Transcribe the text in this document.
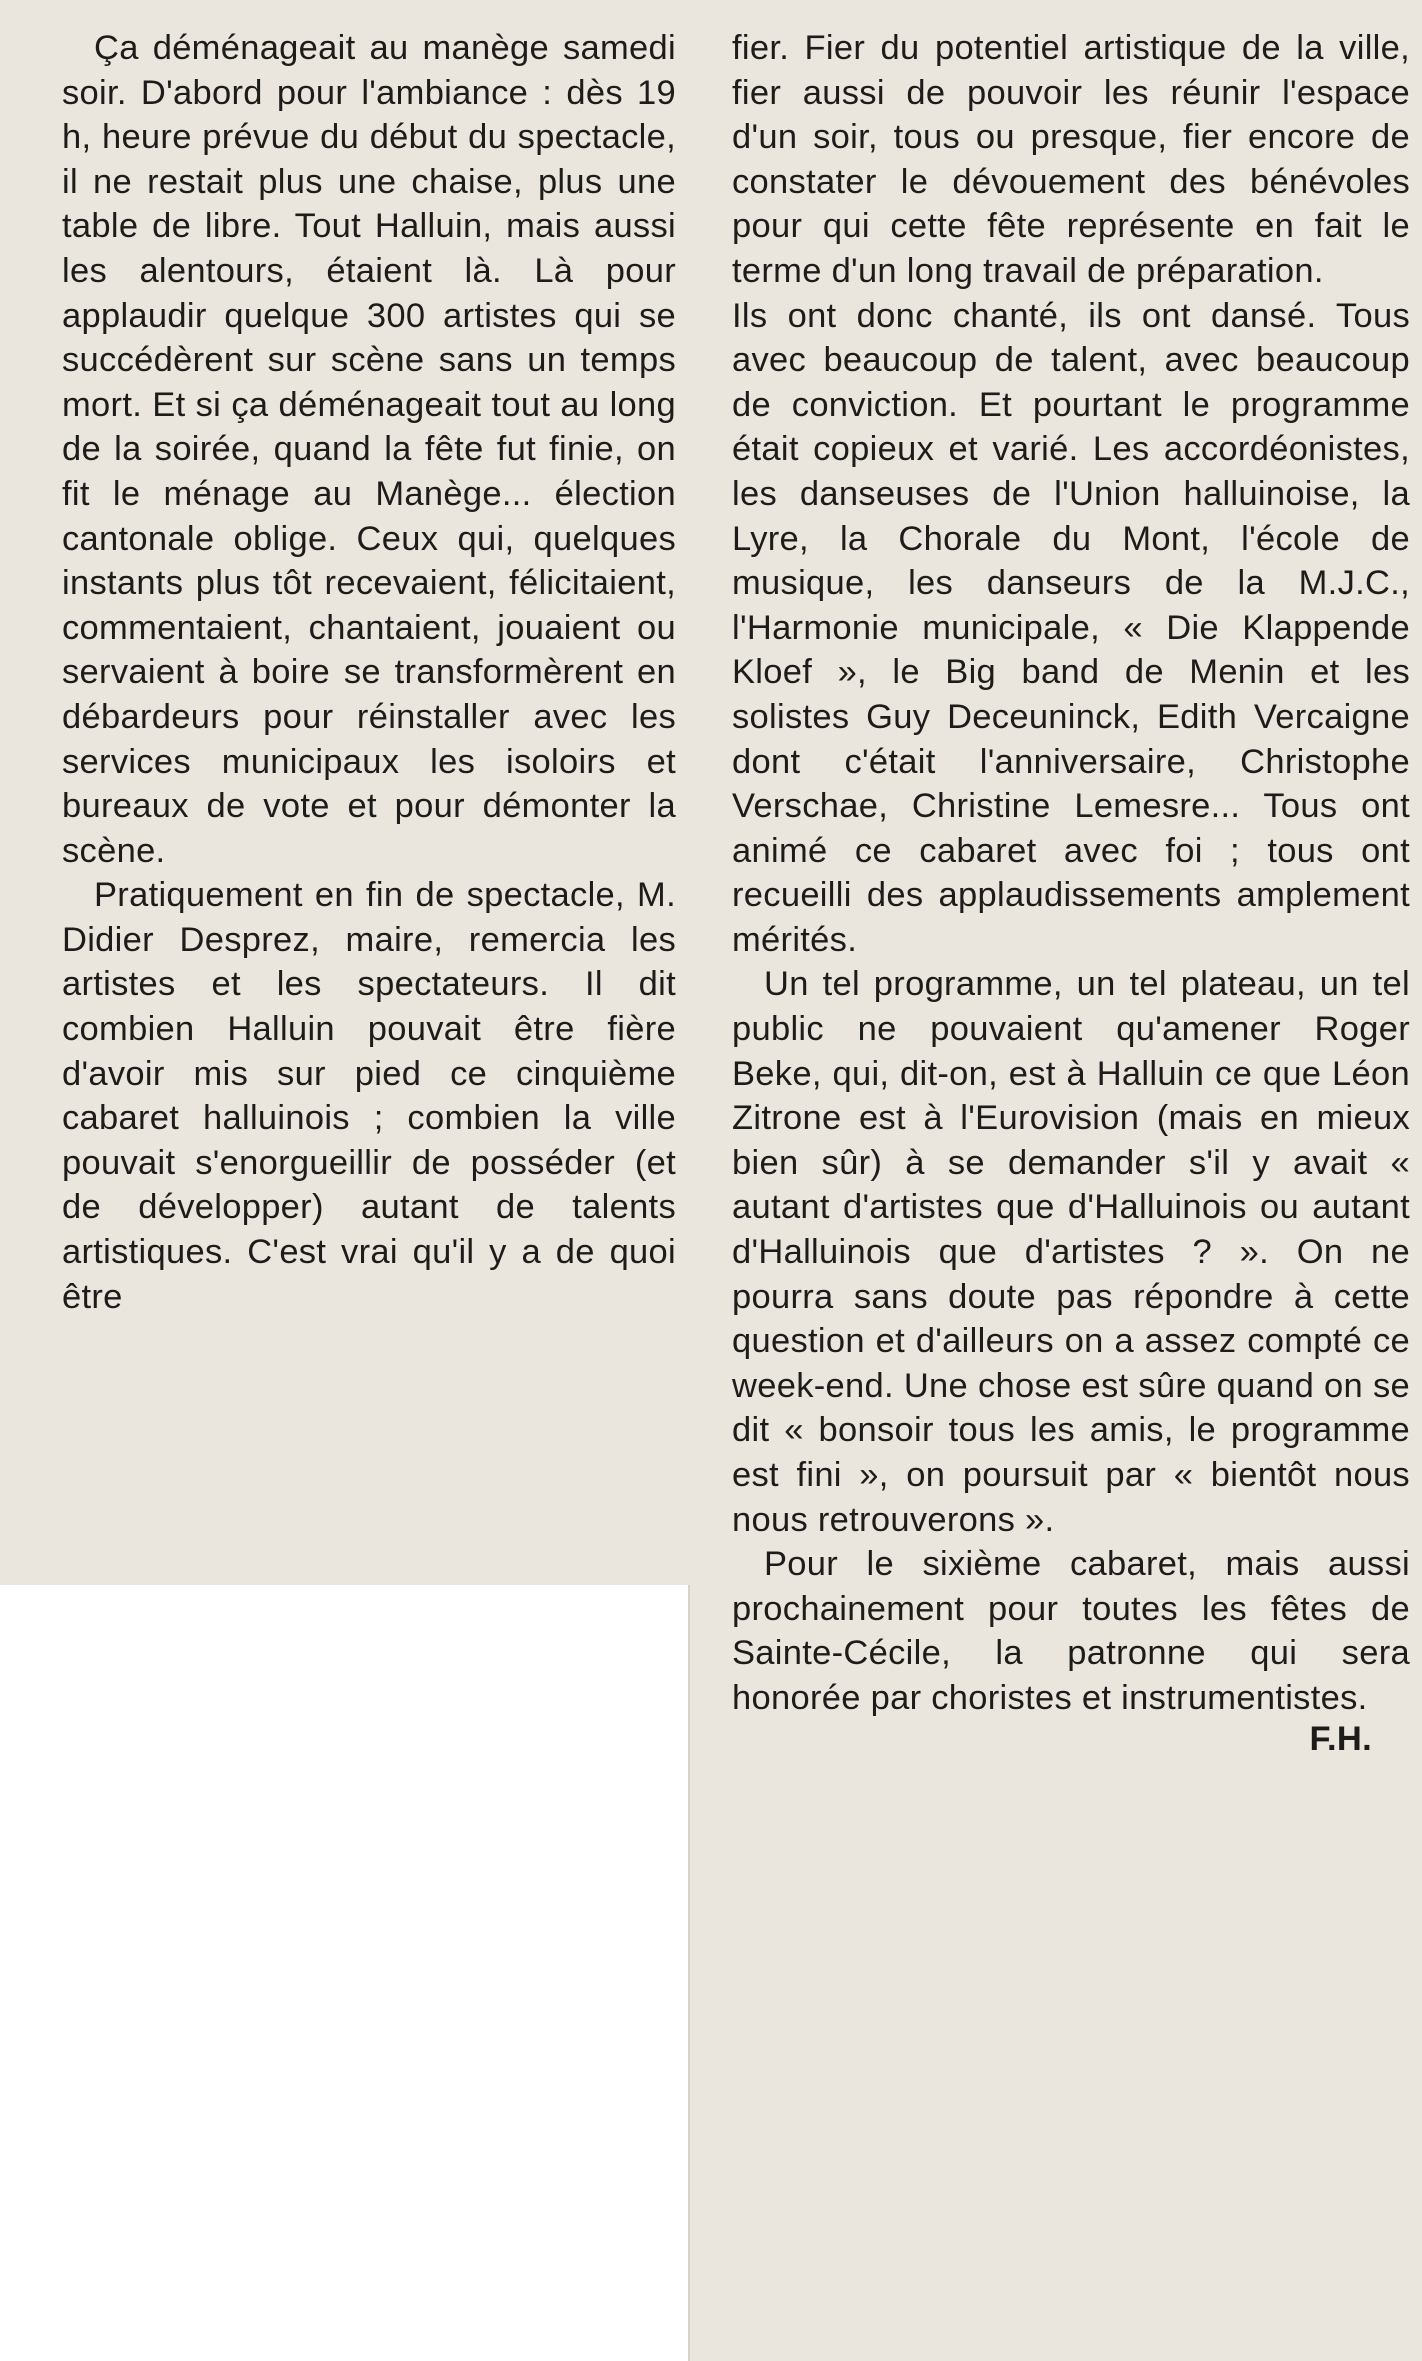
Ça déménageait au manège samedi soir. D'abord pour l'ambiance : dès 19 h, heure prévue du début du spectacle, il ne restait plus une chaise, plus une table de libre. Tout Halluin, mais aussi les alentours, étaient là. Là pour applaudir quelque 300 artistes qui se succédèrent sur scène sans un temps mort. Et si ça déménageait tout au long de la soirée, quand la fête fut finie, on fit le ménage au Manège... élection cantonale oblige. Ceux qui, quelques instants plus tôt recevaient, félicitaient, commentaient, chantaient, jouaient ou servaient à boire se transformèrent en débardeurs pour réinstaller avec les services municipaux les isoloirs et bureaux de vote et pour démonter la scène.

Pratiquement en fin de spectacle, M. Didier Desprez, maire, remercia les artistes et les spectateurs. Il dit combien Halluin pouvait être fière d'avoir mis sur pied ce cinquième cabaret halluinois ; combien la ville pouvait s'enorgueillir de posséder (et de développer) autant de talents artistiques. C'est vrai qu'il y a de quoi être

fier. Fier du potentiel artistique de la ville, fier aussi de pouvoir les réunir l'espace d'un soir, tous ou presque, fier encore de constater le dévouement des bénévoles pour qui cette fête représente en fait le terme d'un long travail de préparation.

Ils ont donc chanté, ils ont dansé. Tous avec beaucoup de talent, avec beaucoup de conviction. Et pourtant le programme était copieux et varié. Les accordéonistes, les danseuses de l'Union halluinoise, la Lyre, la Chorale du Mont, l'école de musique, les danseurs de la M.J.C., l'Harmonie municipale, « Die Klappende Kloef », le Big band de Menin et les solistes Guy Deceuninck, Edith Vercaigne dont c'était l'anniversaire, Christophe Verschae, Christine Lemesre... Tous ont animé ce cabaret avec foi ; tous ont recueilli des applaudissements amplement mérités.

Un tel programme, un tel plateau, un tel public ne pouvaient qu'amener Roger Beke, qui, dit-on, est à Halluin ce que Léon Zitrone est à l'Eurovision (mais en mieux bien sûr) à se demander s'il y avait « autant d'artistes que d'Halluinois ou autant d'Halluinois que d'artistes ? ». On ne pourra sans doute pas répondre à cette question et d'ailleurs on a assez compté ce week-end. Une chose est sûre quand on se dit « bonsoir tous les amis, le programme est fini », on poursuit par « bientôt nous nous retrouverons ».

Pour le sixième cabaret, mais aussi prochainement pour toutes les fêtes de Sainte-Cécile, la patronne qui sera honorée par choristes et instrumentistes.

F.H.
